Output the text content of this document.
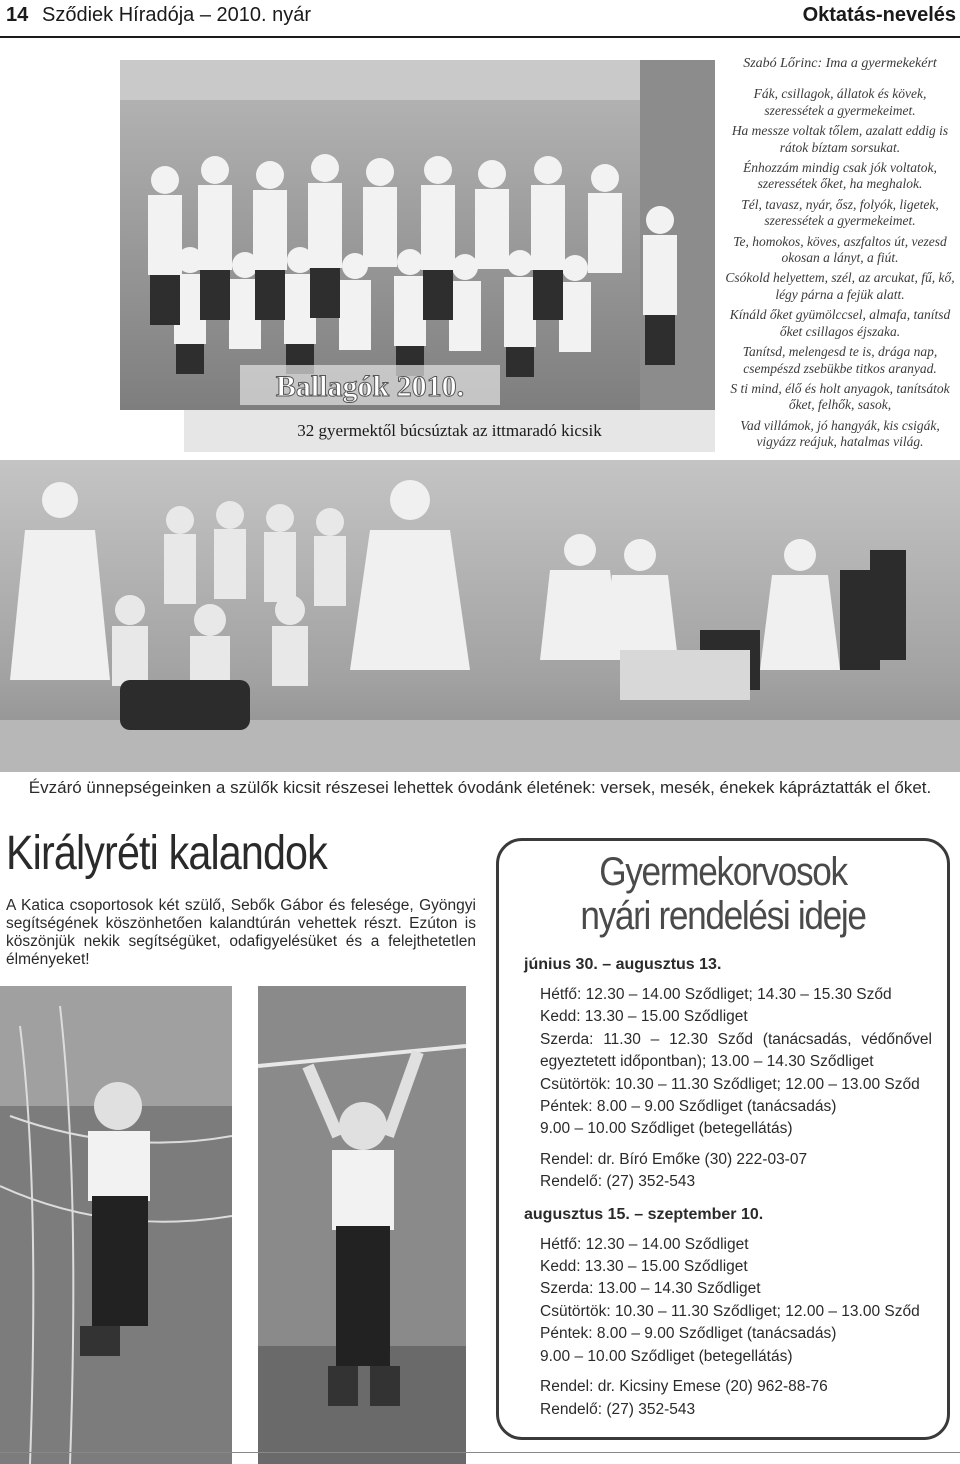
14 Sződiek Híradója – 2010. nyár	Oktatás-nevelés
Ballagók 2010.
32 gyermektől búcsúztak az ittmaradó kicsik
Szabó Lőrinc: Ima a gyermekekért
Fák, csillagok, állatok és kövek, szeressétek a gyermekeimet.
Ha messze voltak tőlem, azalatt eddig is rátok bíztam sorsukat.
Énhozzám mindig csak jók voltatok, szeressétek őket, ha meghalok.
Tél, tavasz, nyár, ősz, folyók, ligetek, szeressétek a gyermekeimet.
Te, homokos, köves, aszfaltos út, vezesd okosan a lányt, a fiút.
Csókold helyettem, szél, az arcukat, fű, kő, légy párna a fejük alatt.
Kínáld őket gyümölccsel, almafa, tanítsd őket csillagos éjszaka.
Tanítsd, melengesd te is, drága nap, csempészd zsebükbe titkos aranyad.
S ti mind, élő és holt anyagok, tanítsátok őket, felhők, sasok,
Vad villámok, jó hangyák, kis csigák, vigyázz reájuk, hatalmas világ.
Évzáró ünnepségeinken a szülők kicsit részesei lehettek óvodánk életének: versek, mesék, énekek kápráztatták el őket.
Királyréti kalandok
A Katica csoportosok két szülő, Sebők Gábor és felesége, Gyöngyi segítségének köszönhetően kalandtúrán vehettek részt. Ezúton is köszönjük nekik segítségüket, odafigyelésüket és a felejthetetlen élményeket!
Gyermekorvosok
nyári rendelési ideje
június 30. – augusztus 13.
Hétfő: 12.30 – 14.00 Sződliget; 14.30 – 15.30 Sződ
Kedd: 13.30 – 15.00 Sződliget
Szerda: 11.30 – 12.30 Sződ (tanácsadás, védőnővel egyeztetett időpontban); 13.00 – 14.30 Sződliget
Csütörtök: 10.30 – 11.30 Sződliget; 12.00 – 13.00 Sződ
Péntek: 8.00 – 9.00 Sződliget (tanácsadás)
9.00 – 10.00 Sződliget (betegellátás)
Rendel: dr. Bíró Emőke (30) 222-03-07
Rendelő: (27) 352-543
augusztus 15. – szeptember 10.
Hétfő: 12.30 – 14.00 Sződliget
Kedd: 13.30 – 15.00 Sződliget
Szerda: 13.00 – 14.30 Sződliget
Csütörtök: 10.30 – 11.30 Sződliget; 12.00 – 13.00 Sződ
Péntek: 8.00 – 9.00 Sződliget (tanácsadás)
9.00 – 10.00 Sződliget (betegellátás)
Rendel: dr. Kicsiny Emese (20) 962-88-76
Rendelő: (27) 352-543
